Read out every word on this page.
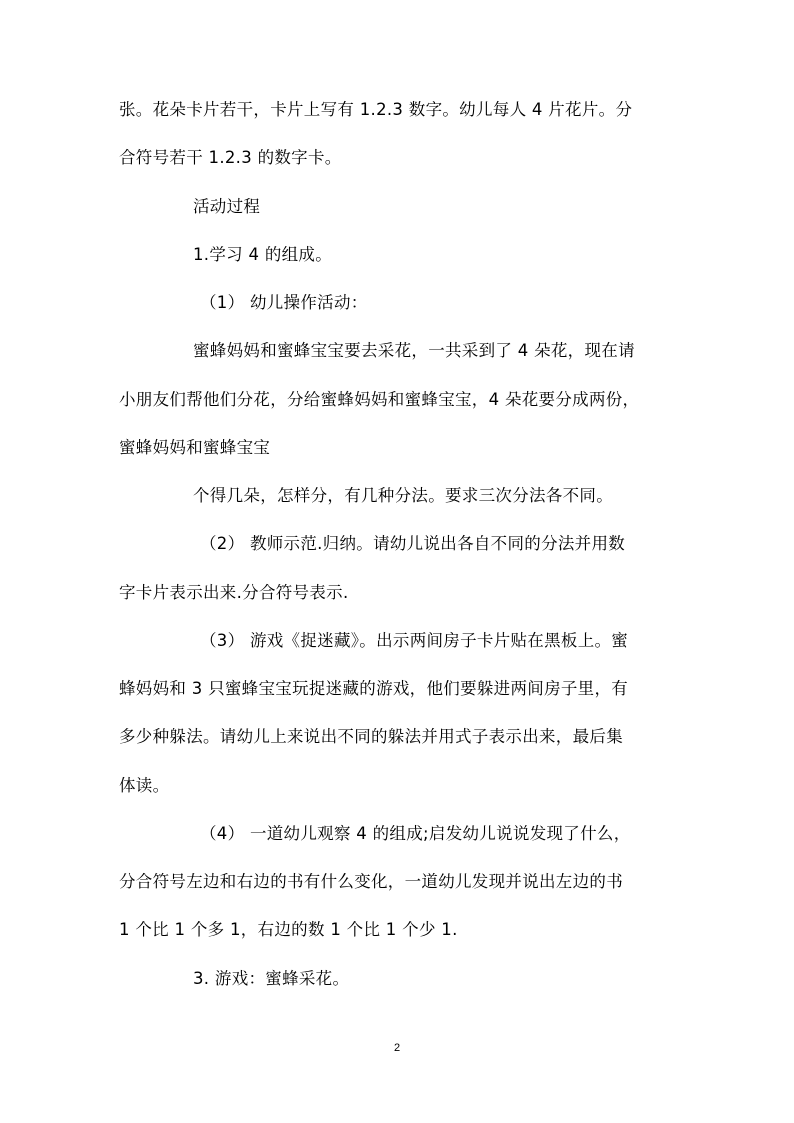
张。花朵卡片若干，卡片上写有 1.2.3 数字。幼儿每人 4 片花片。分
合符号若干 1.2.3 的数字卡。
活动过程
1.学习 4 的组成。
（1） 幼儿操作活动：
蜜蜂妈妈和蜜蜂宝宝要去采花，一共采到了 4 朵花，现在请
小朋友们帮他们分花，分给蜜蜂妈妈和蜜蜂宝宝，4 朵花要分成两份，
蜜蜂妈妈和蜜蜂宝宝
个得几朵，怎样分，有几种分法。要求三次分法各不同。
（2） 教师示范.归纳。请幼儿说出各自不同的分法并用数
字卡片表示出来.分合符号表示.
（3） 游戏《捉迷藏》。出示两间房子卡片贴在黑板上。蜜
蜂妈妈和 3 只蜜蜂宝宝玩捉迷藏的游戏，他们要躲进两间房子里，有
多少种躲法。请幼儿上来说出不同的躲法并用式子表示出来，最后集
体读。
（4） 一道幼儿观察 4 的组成;启发幼儿说说发现了什么，
分合符号左边和右边的书有什么变化，一道幼儿发现并说出左边的书
1 个比 1 个多 1，右边的数 1 个比 1 个少 1.
3. 游戏：蜜蜂采花。
2
